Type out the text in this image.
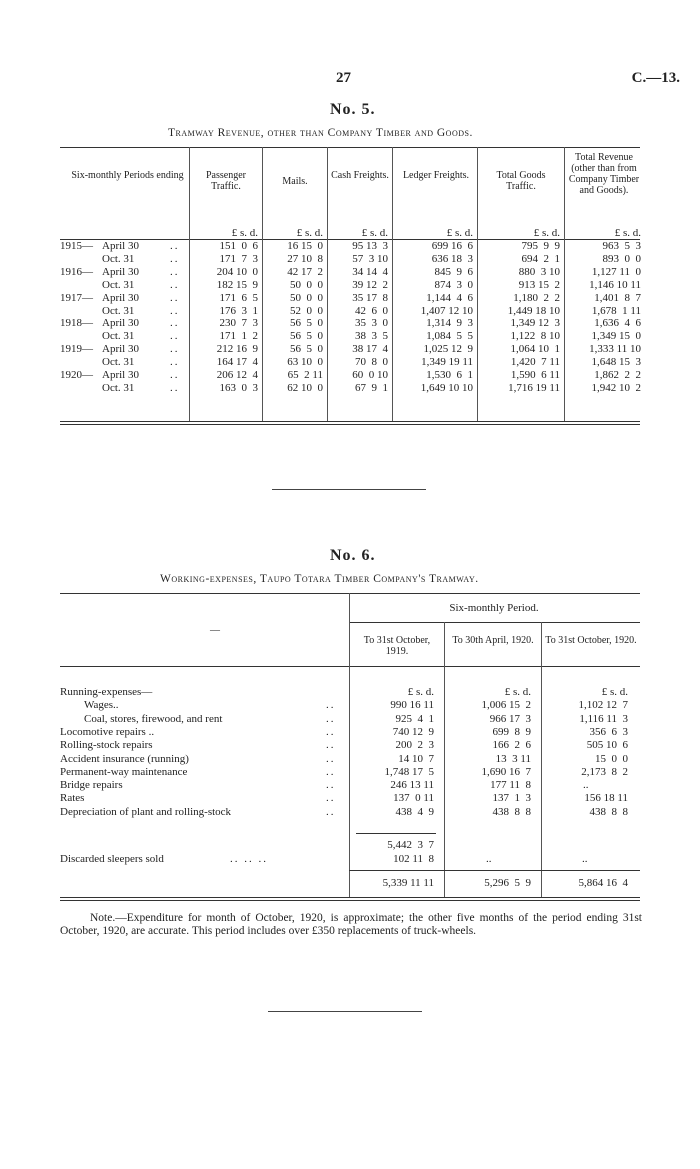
27	C.—13.
No. 5.
Tramway Revenue, other than Company Timber and Goods.
Six-monthly Periods ending	Passenger Traffic.	Mails.
Cash Freights.	Ledger Freights.	Total Goods Traffic.
Total Revenue (other than from Company Timber and Goods).
£ s. d.	£ s. d.	£ s. d.	£ s. d.	£ s. d.	£ s. d.
1915— April 30	..	151  0  6	16 15  0	95 13  3	699 16  6	795  9  9	963  5  3
Oct. 31	..	171  7  3	27 10  8	57  3 10	636 18  3	694  2  1	893  0  0
1916— April 30	..	204 10  0	42 17  2	34 14  4	845  9  6	880  3 10	1,127 11  0
Oct. 31	..	182 15  9	50  0  0	39 12  2	874  3  0	913 15  2	1,146 10 11
1917— April 30	..	171  6  5	50  0  0	35 17  8	1,144  4  6	1,180  2  2	1,401  8  7
Oct. 31	..	176  3  1	52  0  0	42  6  0	1,407 12 10	1,449 18 10	1,678  1 11
1918— April 30	..	230  7  3	56  5  0	35  3  0	1,314  9  3	1,349 12  3	1,636  4  6
Oct. 31	..	171  1  2	56  5  0	38  3  5	1,084  5  5	1,122  8 10	1,349 15  0
1919— April 30	..	212 16  9	56  5  0	38 17  4	1,025 12  9	1,064 10  1	1,333 11 10
Oct. 31	..	164 17  4	63 10  0	70  8  0	1,349 19 11	1,420  7 11	1,648 15  3
1920— April 30	..	206 12  4	65  2 11	60  0 10	1,530  6  1	1,590  6 11	1,862  2  2
Oct. 31	..	163  0  3	62 10  0	67  9  1	1,649 10 10	1,716 19 11	1,942 10  2
No. 6.
Working-expenses, Taupo Totara Timber Company's Tramway.
Six-monthly Period.
—
To 31st October, 1919.
To 30th April, 1920.	To 31st October, 1920.
£ s. d.	£ s. d.	£ s. d.
Running-expenses—
Wages..	..	990 16 11	1,006 15  2	1,102 12  7
Coal, stores, firewood, and rent	..	925  4  1	966 17  3	1,116 11  3
Locomotive repairs ..	..	740 12  9	699  8  9	356  6  3
Rolling-stock repairs	..	200  2  3	166  2  6	505 10  6
Accident insurance (running)	..	14 10  7	13  3 11	15  0  0
Permanent-way maintenance	..	1,748 17  5	1,690 16  7	2,173  8  2
Bridge repairs	..	246 13 11	177 11  8	..
Rates	..	137  0 11	137  1  3	156 18 11
Depreciation of plant and rolling-stock	..	438  4  9	438  8  8	438  8  8
5,442  3  7
Discarded sleepers sold	.. .. ..	102 11  8	..	..
5,339 11 11	5,296  5  9	5,864 16  4
Note.—Expenditure for month of October, 1920, is approximate; the other five months of the period ending 31st October, 1920, are accurate. This period includes over £350 replacements of truck-wheels.
